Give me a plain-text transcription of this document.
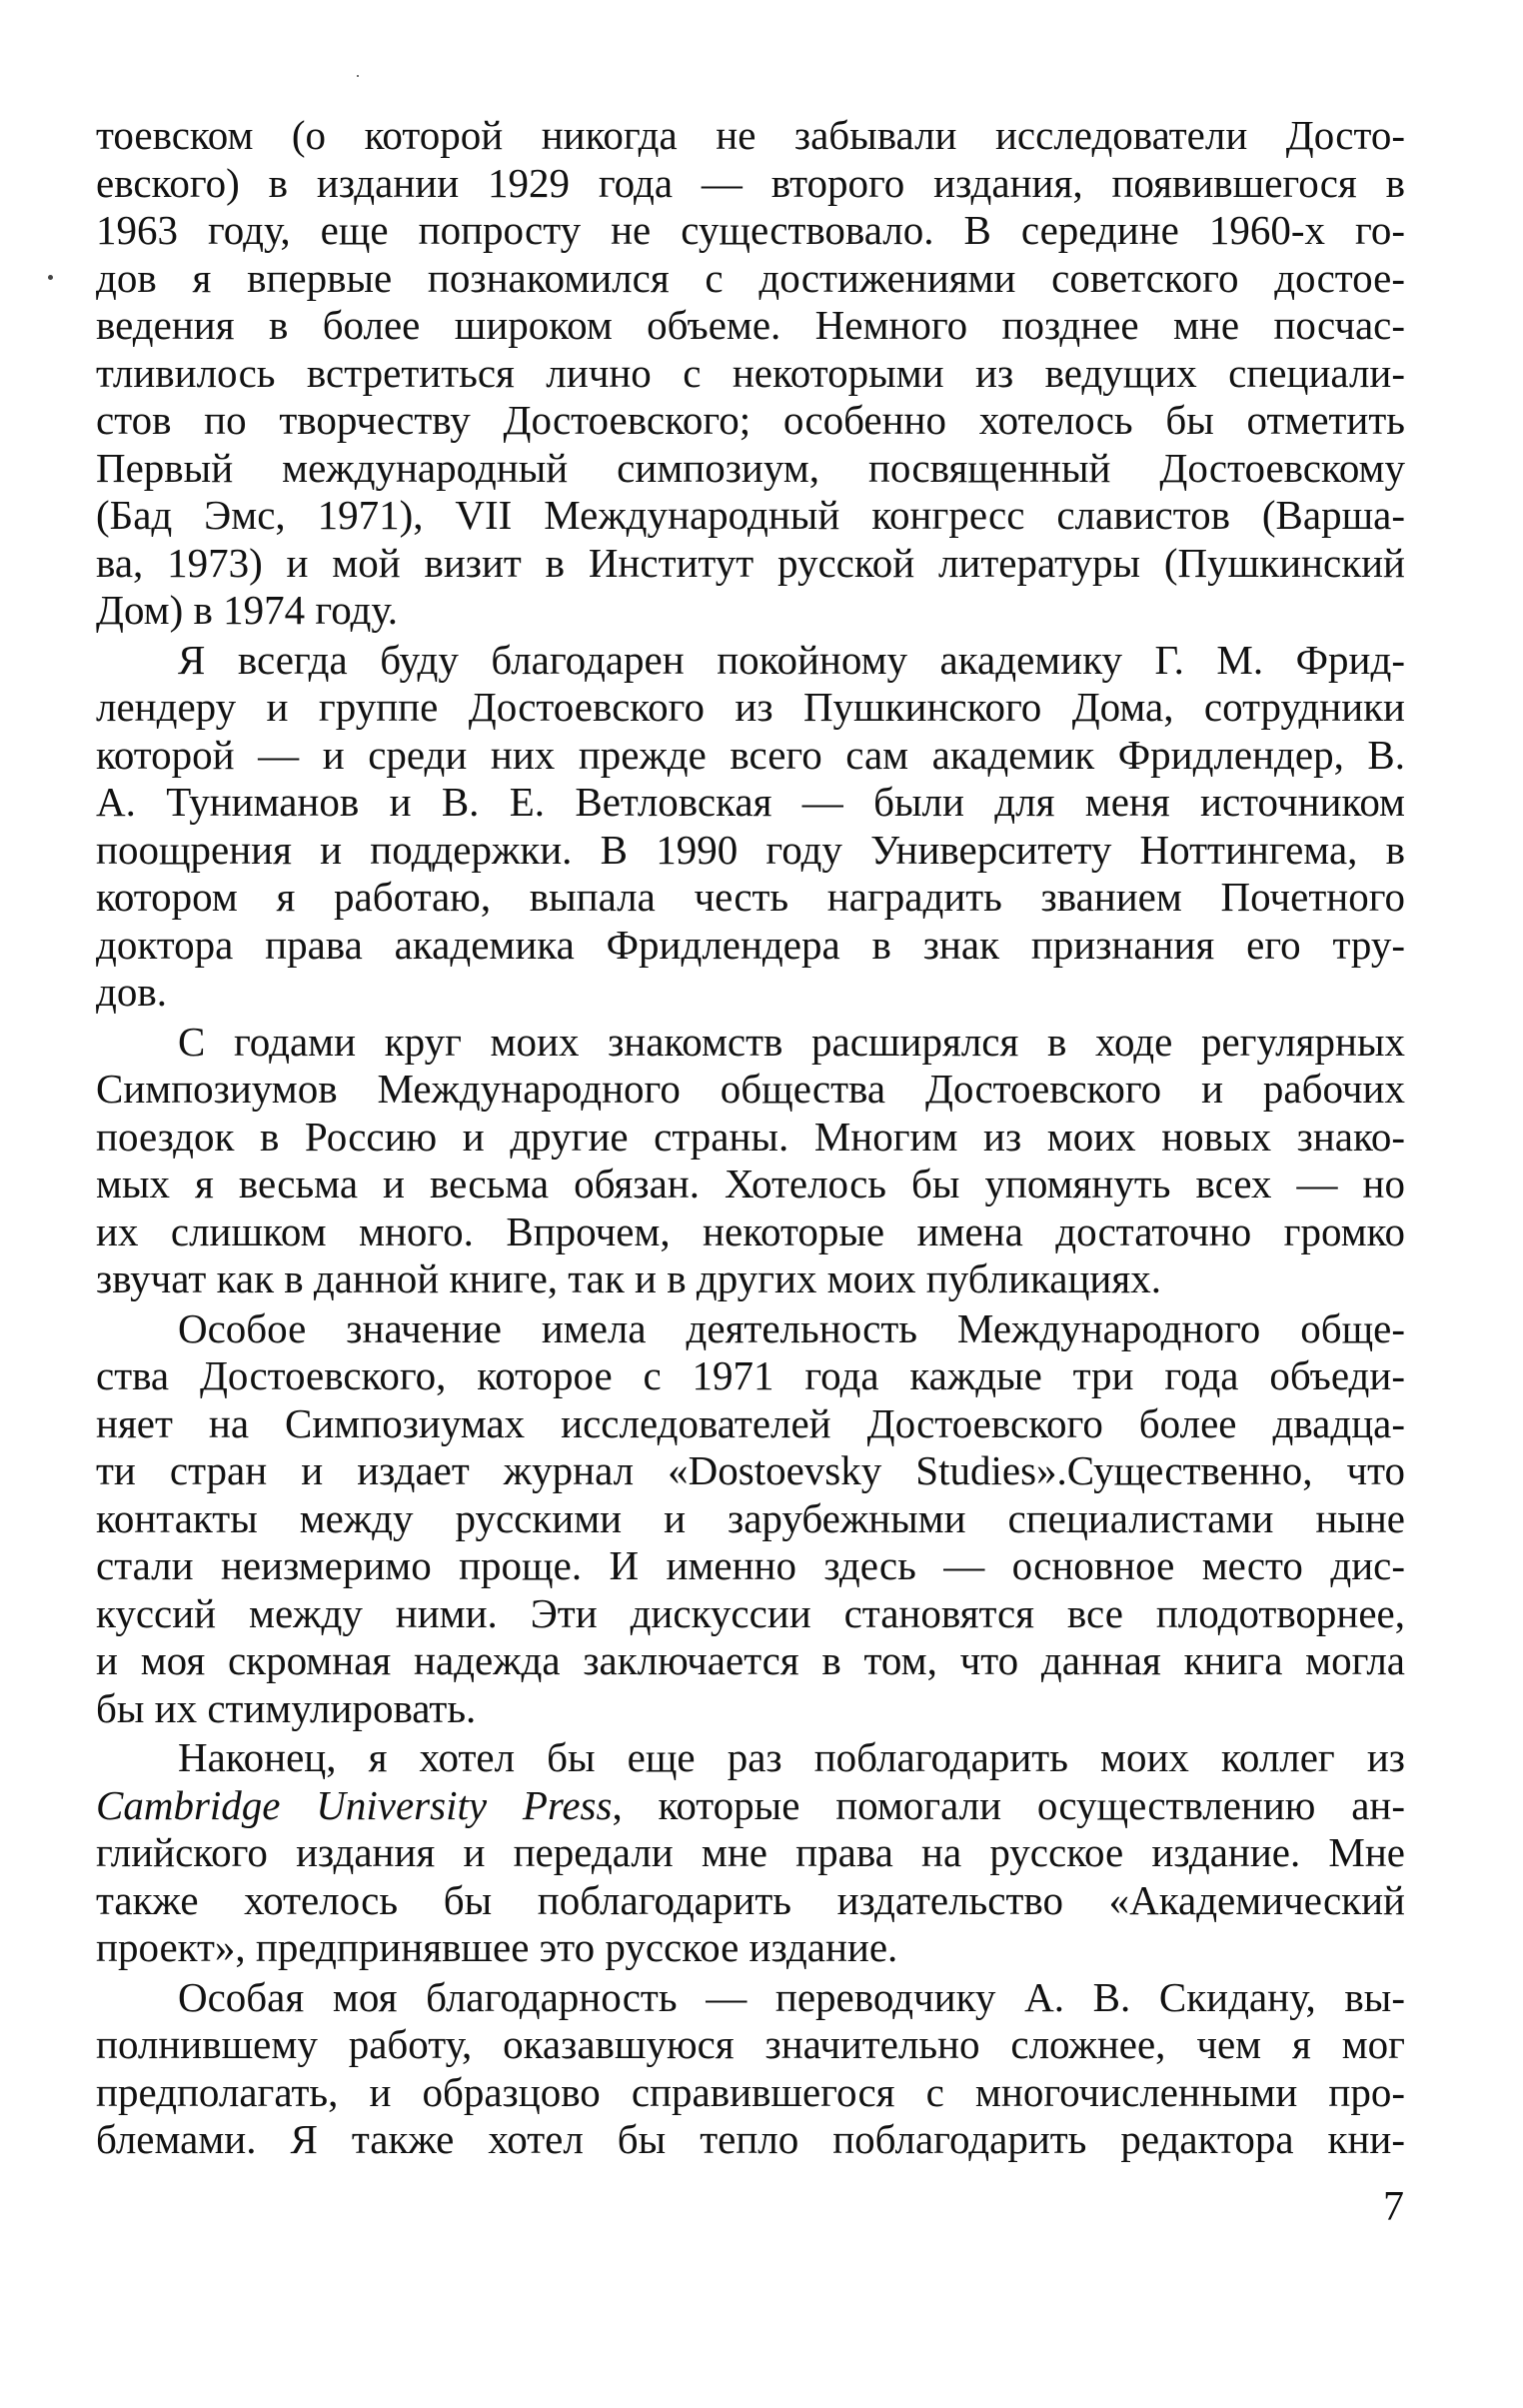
тоевском (о которой никогда не забывали исследователи Досто-
евского) в издании 1929 года — второго издания, появившегося в
1963 году, еще попросту не существовало. В середине 1960-х го-
дов я впервые познакомился с достижениями советского достое-
ведения в более широком объеме. Немного позднее мне посчас-
тливилось встретиться лично с некоторыми из ведущих специали-
стов по творчеству Достоевского; особенно хотелось бы отметить
Первый международный симпозиум, посвященный Достоевскому
(Бад Эмс, 1971), VII Международный конгресс славистов (Варша-
ва, 1973) и мой визит в Институт русской литературы (Пушкинский
Дом) в 1974 году.
Я всегда буду благодарен покойному академику Г. М. Фрид-
лендеру и группе Достоевского из Пушкинского Дома, сотрудники
которой — и среди них прежде всего сам академик Фридлендер, В.
А. Туниманов и В. Е. Ветловская — были для меня источником
поощрения и поддержки. В 1990 году Университету Ноттингема, в
котором я работаю, выпала честь наградить званием Почетного
доктора права академика Фридлендера в знак признания его тру-
дов.
С годами круг моих знакомств расширялся в ходе регулярных
Симпозиумов Международного общества Достоевского и рабочих
поездок в Россию и другие страны. Многим из моих новых знако-
мых я весьма и весьма обязан. Хотелось бы упомянуть всех — но
их слишком много. Впрочем, некоторые имена достаточно громко
звучат как в данной книге, так и в других моих публикациях.
Особое значение имела деятельность Международного обще-
ства Достоевского, которое с 1971 года каждые три года объеди-
няет на Симпозиумах исследователей Достоевского более двадца-
ти стран и издает журнал «Dostoevsky Studies».Существенно, что
контакты между русскими и зарубежными специалистами ныне
стали неизмеримо проще. И именно здесь — основное место дис-
куссий между ними. Эти дискуссии становятся все плодотворнее,
и моя скромная надежда заключается в том, что данная книга могла
бы их стимулировать.
Наконец, я хотел бы еще раз поблагодарить моих коллег из
Cambridge University Press, которые помогали осуществлению ан-
глийского издания и передали мне права на русское издание. Мне
также хотелось бы поблагодарить издательство «Академический
проект», предпринявшее это русское издание.
Особая моя благодарность — переводчику А. В. Скидану, вы-
полнившему работу, оказавшуюся значительно сложнее, чем я мог
предполагать, и образцово справившегося с многочисленными про-
блемами. Я также хотел бы тепло поблагодарить редактора кни-
7
